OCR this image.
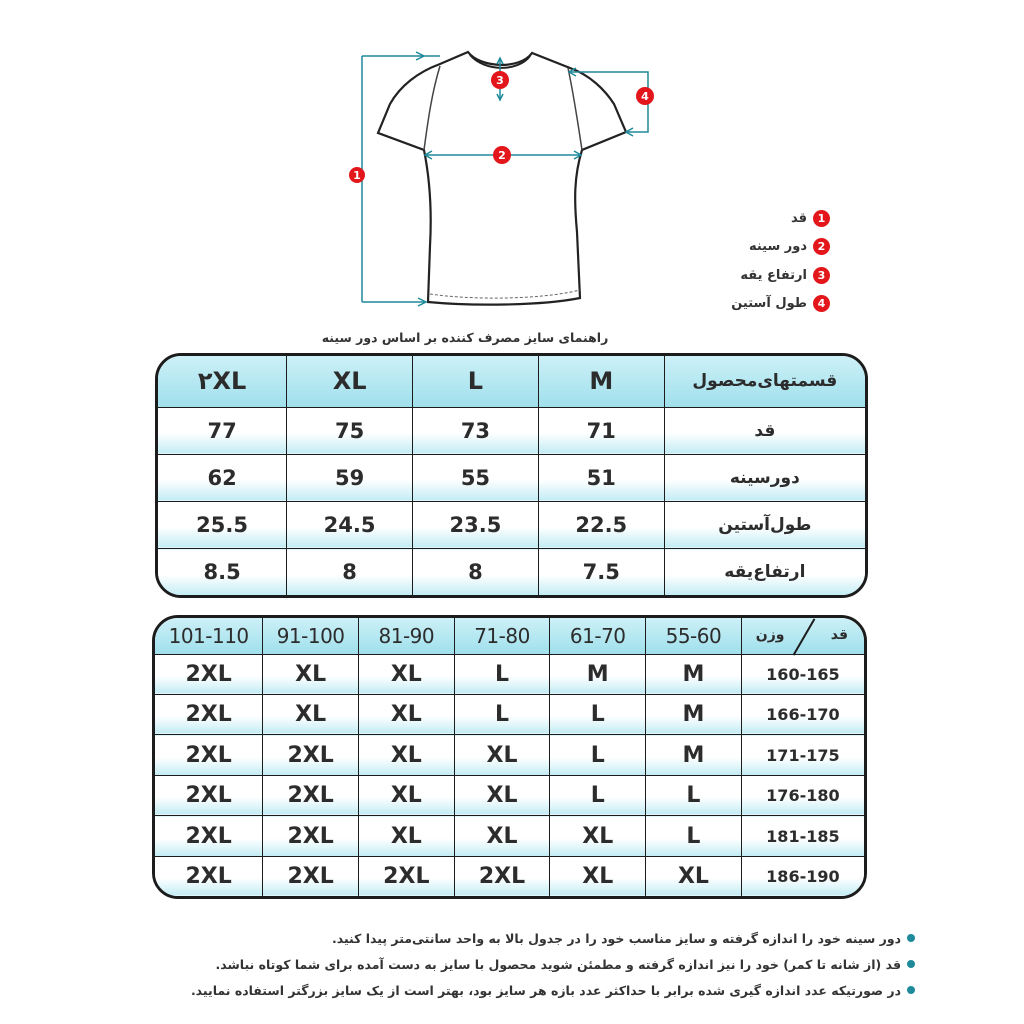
1
2
3
4
1
قد
2
دور سینه
3
ارتفاع یقه
4
طول آستین
راهنمای سایز مصرف کننده بر اساس دور سینه
۲XL	XL	L	M	قسمتهای‌محصول
77	75	73	71	قد
62	59	55	51	دورسینه
25.5	24.5	23.5	22.5	طول‌آستین
8.5	8	8	7.5	ارتفاع‌یقه
101-110	91-100	81-90	71-80	61-70	55-60	وزن قد

2XL	XL	XL	L	M	M	160-165
2XL	XL	XL	L	L	M	166-170
2XL	2XL	XL	XL	L	M	171-175
2XL	2XL	XL	XL	L	L	176-180
2XL	2XL	XL	XL	XL	L	181-185
2XL	2XL	2XL	2XL	XL	XL	186-190
دور سینه خود را اندازه گرفته و سایز مناسب خود را در جدول بالا به واحد سانتی‌متر پیدا کنید.
قد (از شانه تا کمر) خود را نیز اندازه گرفته و مطمئن شوید محصول با سایز به دست آمده برای شما کوتاه نباشد.
در صورتیکه عدد اندازه گیری شده برابر با حداکثر عدد بازه هر سایز بود، بهتر است از یک سایز بزرگتر استفاده نمایید.
